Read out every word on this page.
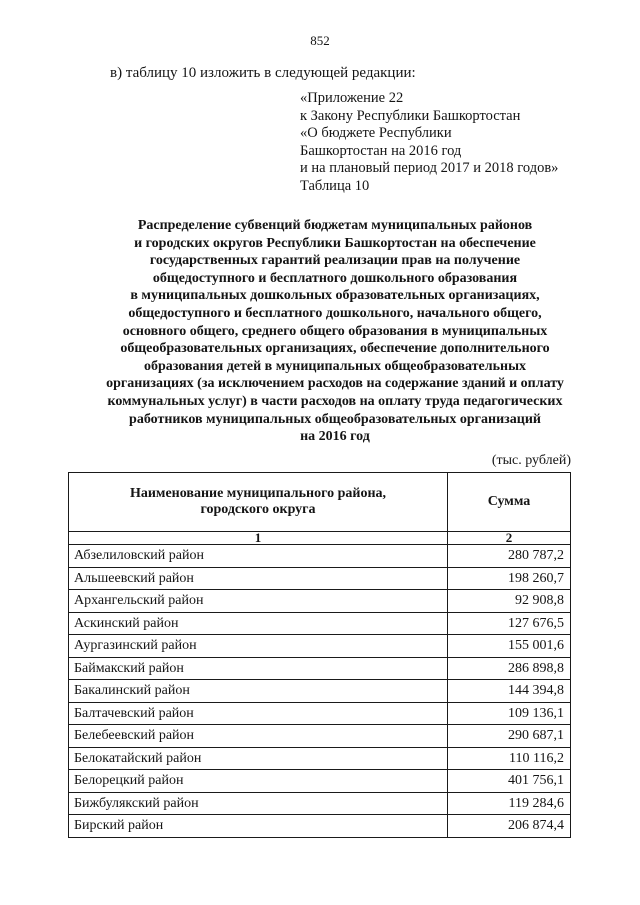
852
в) таблицу 10 изложить в следующей редакции:
«Приложение 22
к Закону Республики Башкортостан
«О бюджете Республики
Башкортостан на 2016 год
и на плановый период 2017 и 2018 годов»
Таблица 10
Распределение субвенций бюджетам муниципальных районов
и городских округов Республики Башкортостан на обеспечение
государственных гарантий реализации прав на получение
общедоступного и бесплатного дошкольного образования
в муниципальных дошкольных образовательных организациях,
общедоступного и бесплатного дошкольного, начального общего,
основного общего, среднего общего образования в муниципальных
общеобразовательных организациях, обеспечение дополнительного
образования детей в муниципальных общеобразовательных
организациях (за исключением расходов на содержание зданий и оплату
коммунальных услуг) в части расходов на оплату труда педагогических
работников муниципальных общеобразовательных организаций
на 2016 год
(тыс. рублей)
Наименование муниципального района,
городского округа	Сумма
1	2
Абзелиловский район	280 787,2
Альшеевский район	198 260,7
Архангельский район	92 908,8
Аскинский район	127 676,5
Аургазинский район	155 001,6
Баймакский район	286 898,8
Бакалинский район	144 394,8
Балтачевский район	109 136,1
Белебеевский район	290 687,1
Белокатайский район	110 116,2
Белорецкий район	401 756,1
Бижбулякский район	119 284,6
Бирский район	206 874,4
